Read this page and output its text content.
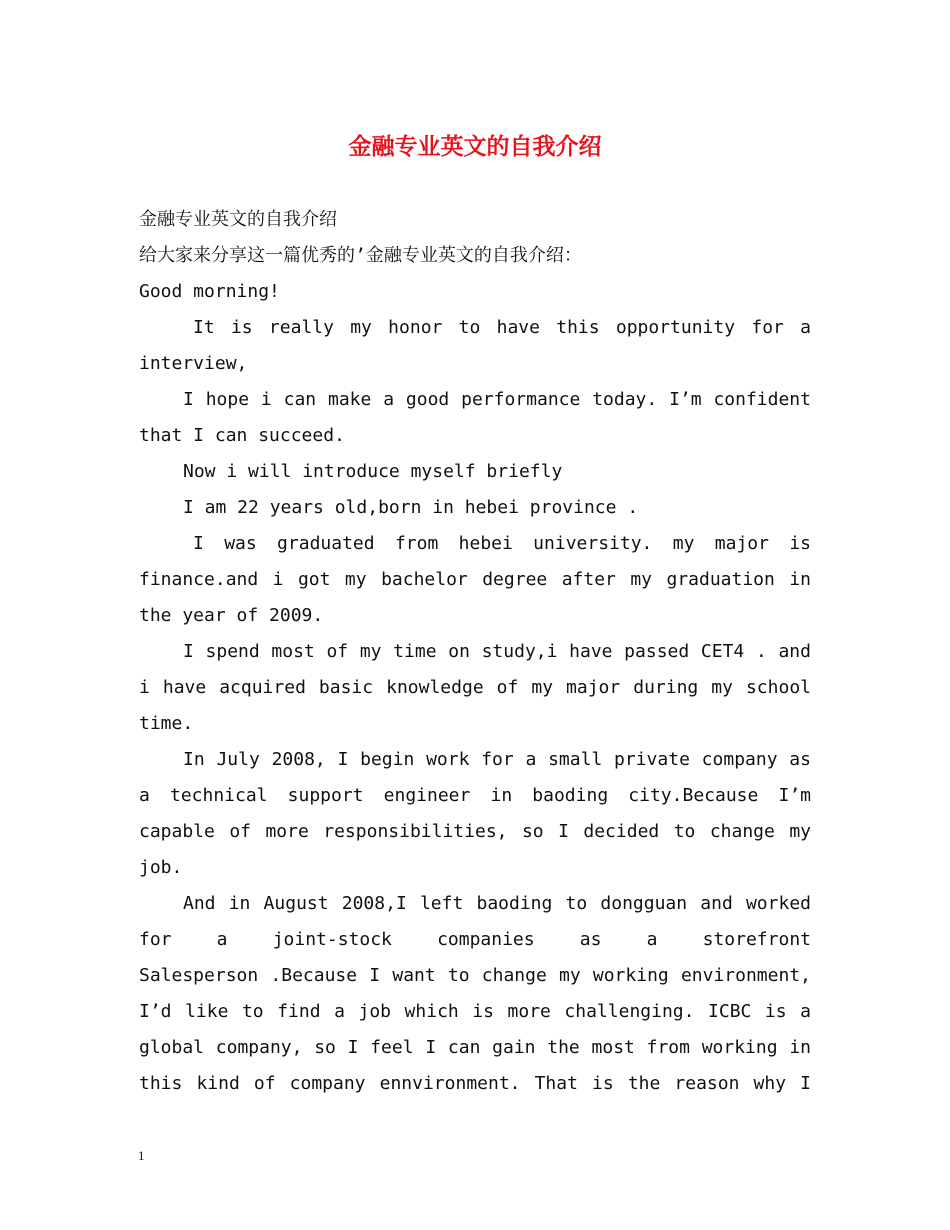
金融专业英文的自我介绍
金融专业英文的自我介绍
给大家来分享这一篇优秀的’金融专业英文的自我介绍：
Good morning!
It is really my honor to have this opportunity for a
interview,
I hope i can make a good performance today. I’m confident
that I can succeed.
Now i will introduce myself briefly
I am 22 years old,born in hebei province .
I was graduated from hebei university. my major is
finance.and i got my bachelor degree after my graduation in
the year of 2009.
I spend most of my time on study,i have passed CET4 . and
i have acquired basic knowledge of my major during my school
time.
In July 2008, I begin work for a small private company as
a technical support engineer in baoding city.Because I’m
capable of more responsibilities, so I decided to change my
job.
And in August 2008,I left baoding to dongguan and worked
for a joint-stock companies as a storefront
Salesperson .Because I want to change my working environment,
I’d like to find a job which is more challenging. ICBC is a
global company, so I feel I can gain the most from working in
this kind of company ennvironment. That is the reason why I
1
